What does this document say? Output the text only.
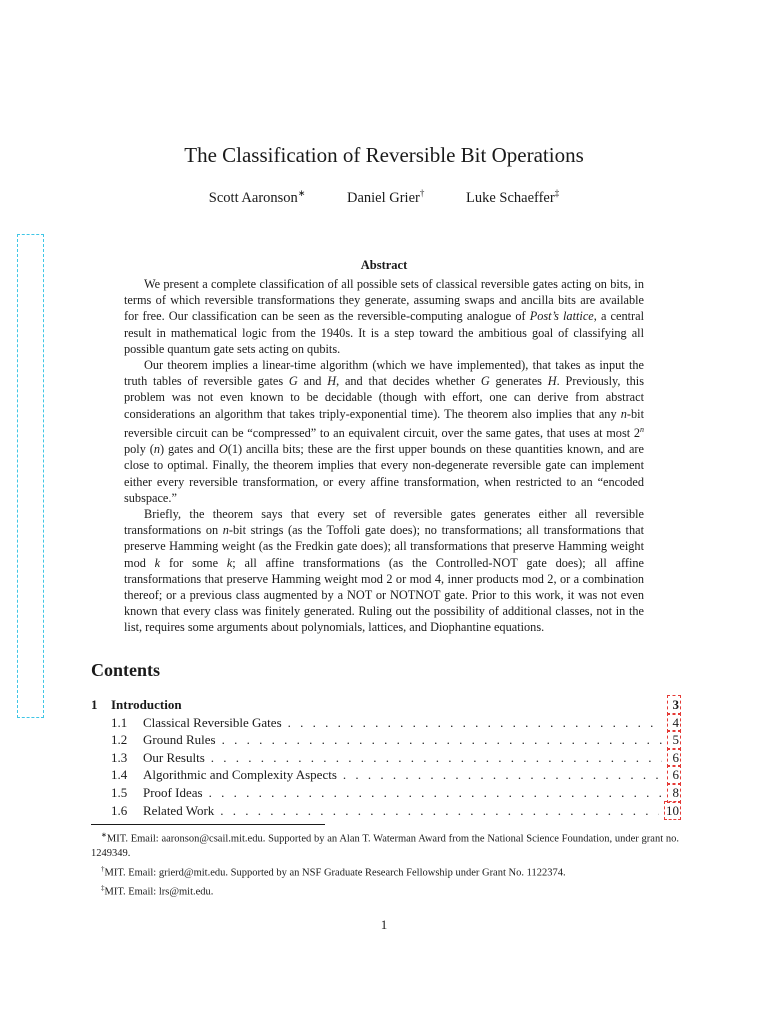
The Classification of Reversible Bit Operations
Scott Aaronson∗	Daniel Grier†	Luke Schaeffer‡
Abstract

We present a complete classification of all possible sets of classical reversible gates acting on bits, in terms of which reversible transformations they generate, assuming swaps and ancilla bits are available for free. Our classification can be seen as the reversible-computing analogue of Post’s lattice, a central result in mathematical logic from the 1940s. It is a step toward the ambitious goal of classifying all possible quantum gate sets acting on qubits.

Our theorem implies a linear-time algorithm (which we have implemented), that takes as input the truth tables of reversible gates G and H, and that decides whether G generates H. Previously, this problem was not even known to be decidable (though with effort, one can derive from abstract considerations an algorithm that takes triply-exponential time). The theorem also implies that any n-bit reversible circuit can be “compressed” to an equivalent circuit, over the same gates, that uses at most 2$^n$ poly (n) gates and O(1) ancilla bits; these are the first upper bounds on these quantities known, and are close to optimal. Finally, the theorem implies that every non-degenerate reversible gate can implement either every reversible transformation, or every affine transformation, when restricted to an “encoded subspace.”

Briefly, the theorem says that every set of reversible gates generates either all reversible transformations on n-bit strings (as the Toffoli gate does); no transformations; all transformations that preserve Hamming weight (as the Fredkin gate does); all transformations that preserve Hamming weight mod k for some k; all affine transformations (as the Controlled-NOT gate does); all affine transformations that preserve Hamming weight mod 2 or mod 4, inner products mod 2, or a combination thereof; or a previous class augmented by a NOT or NOTNOT gate. Prior to this work, it was not even known that every class was finitely generated. Ruling out the possibility of additional classes, not in the list, requires some arguments about polynomials, lattices, and Diophantine equations.

Contents
1	Introduction	3
1.1	Classical Reversible Gates . . .	4
1.2	Ground Rules . . .	5
1.3	Our Results . . .	6
1.4	Algorithmic and Complexity Aspects . . .	6
1.5	Proof Ideas . . .	8
1.6	Related Work . . .	10

∗MIT. Email: aaronson@csail.mit.edu. Supported by an Alan T. Waterman Award from the National Science Foundation, under grant no. 1249349.

†MIT. Email: grierd@mit.edu. Supported by an NSF Graduate Research Fellowship under Grant No. 1122374.

‡MIT. Email: lrs@mit.edu.

1
